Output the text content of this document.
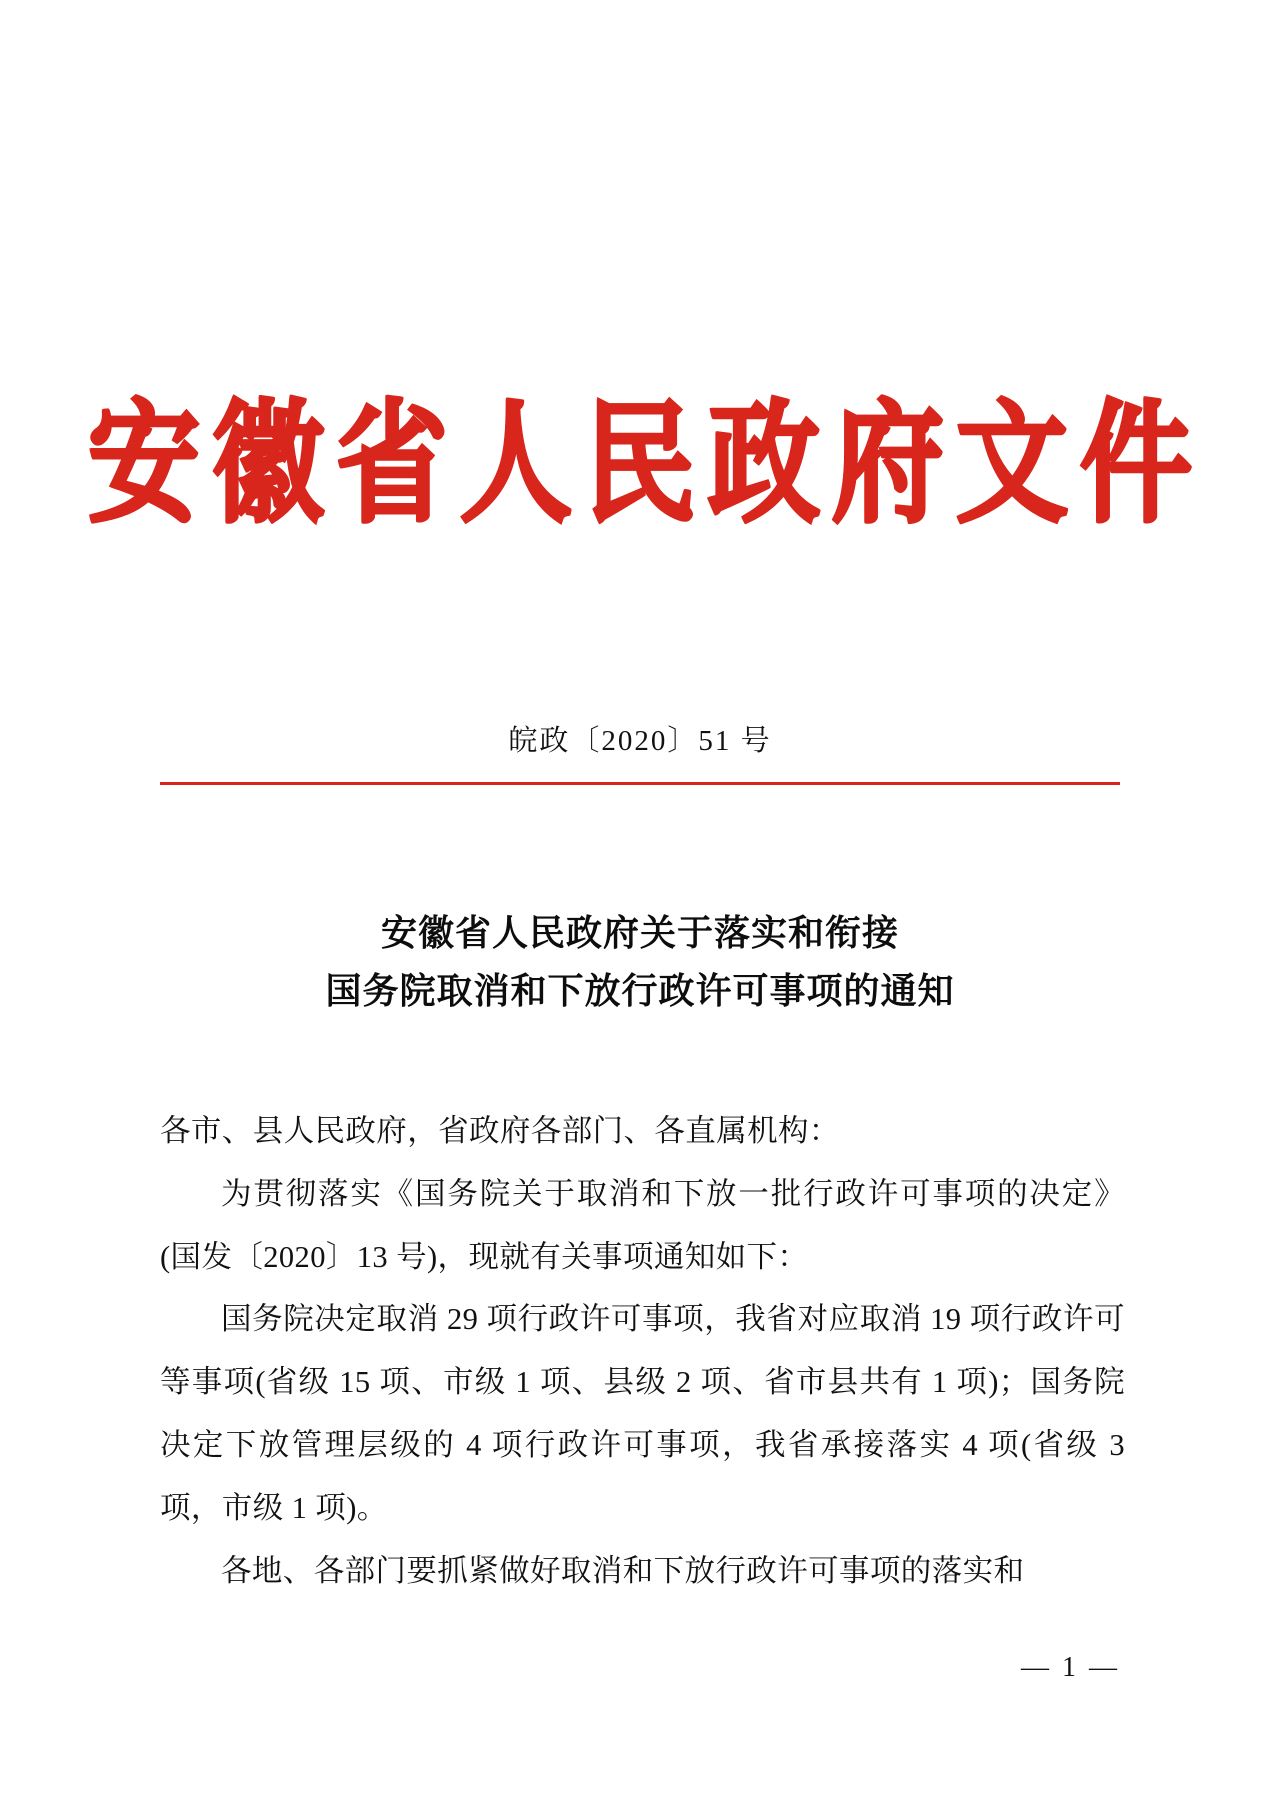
安徽省人民政府文件
皖政〔2020〕51 号
安徽省人民政府关于落实和衔接
国务院取消和下放行政许可事项的通知

各市、县人民政府，省政府各部门、各直属机构：

为贯彻落实《国务院关于取消和下放一批行政许可事项的决定》(国发〔2020〕13 号)，现就有关事项通知如下：

国务院决定取消 29 项行政许可事项，我省对应取消 19 项行政许可等事项(省级 15 项、市级 1 项、县级 2 项、省市县共有 1 项)；国务院决定下放管理层级的 4 项行政许可事项，我省承接落实 4 项(省级 3 项，市级 1 项)。

各地、各部门要抓紧做好取消和下放行政许可事项的落实和

— 1 —
